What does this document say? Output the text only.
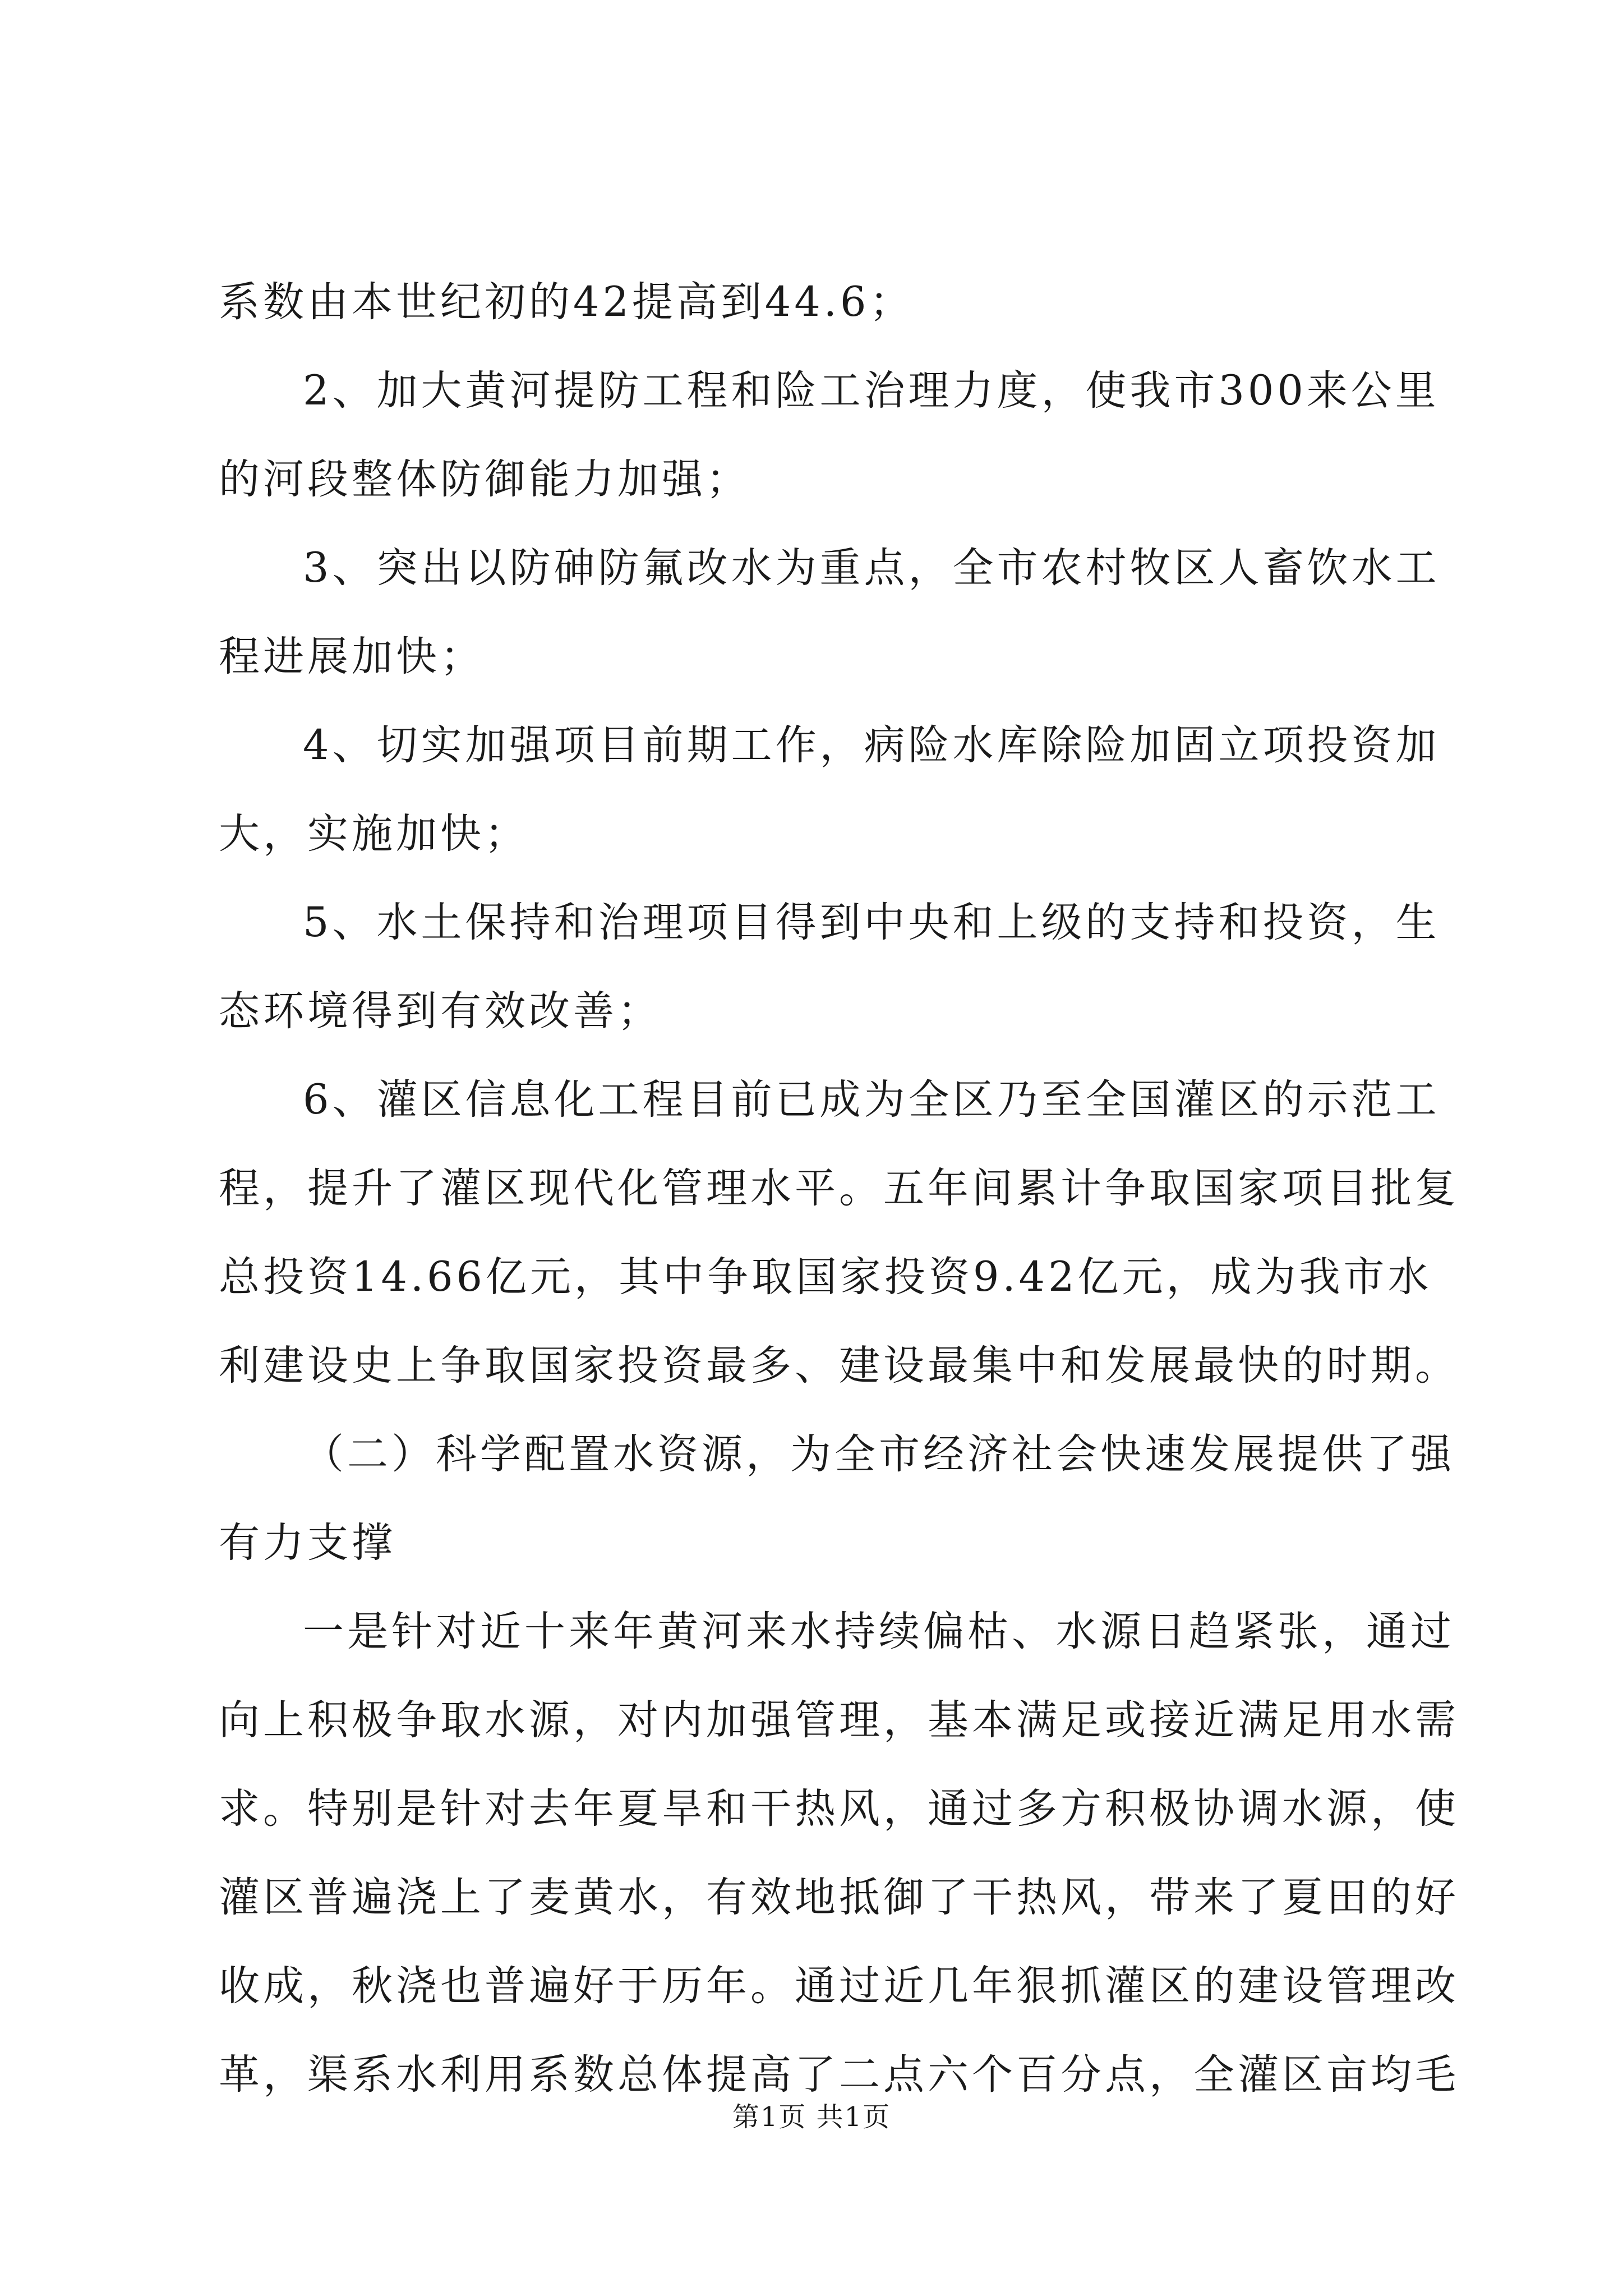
系数由本世纪初的42提高到44.6；
2、加大黄河提防工程和险工治理力度，使我市300来公里
的河段整体防御能力加强；
3、突出以防砷防氟改水为重点，全市农村牧区人畜饮水工
程进展加快；
4、切实加强项目前期工作，病险水库除险加固立项投资加
大，实施加快；
5、水土保持和治理项目得到中央和上级的支持和投资，生
态环境得到有效改善；
6、灌区信息化工程目前已成为全区乃至全国灌区的示范工
程，提升了灌区现代化管理水平。五年间累计争取国家项目批复
总投资14.66亿元，其中争取国家投资9.42亿元，成为我市水
利建设史上争取国家投资最多、建设最集中和发展最快的时期。
（二）科学配置水资源，为全市经济社会快速发展提供了强
有力支撑
一是针对近十来年黄河来水持续偏枯、水源日趋紧张，通过
向上积极争取水源，对内加强管理，基本满足或接近满足用水需
求。特别是针对去年夏旱和干热风，通过多方积极协调水源，使
灌区普遍浇上了麦黄水，有效地抵御了干热风，带来了夏田的好
收成，秋浇也普遍好于历年。通过近几年狠抓灌区的建设管理改
革，渠系水利用系数总体提高了二点六个百分点，全灌区亩均毛
第1页 共1页
